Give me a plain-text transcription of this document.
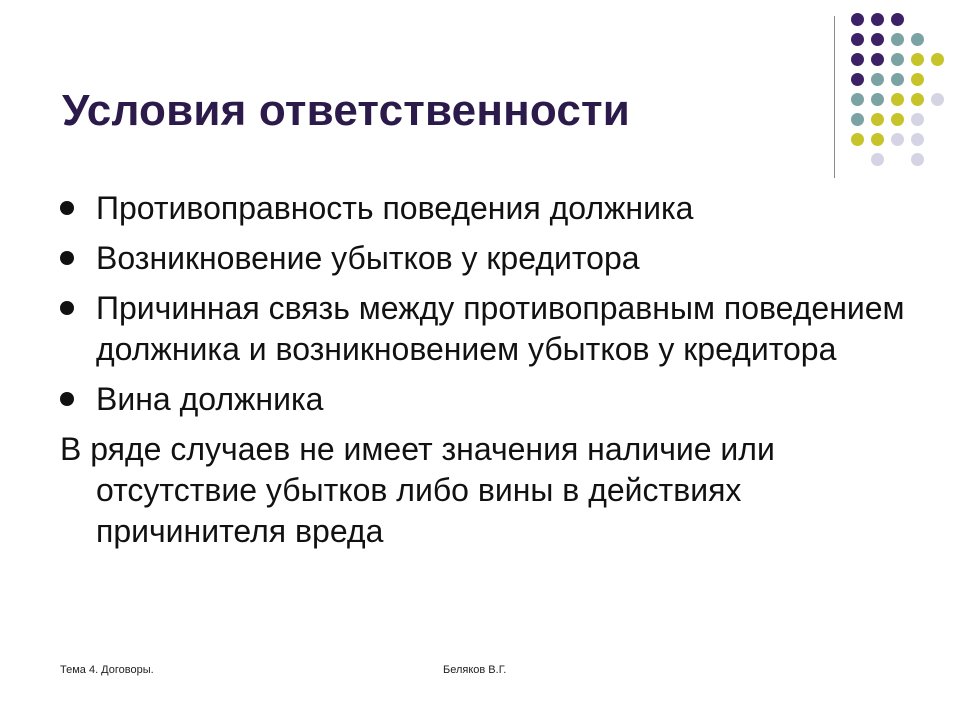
Условия ответственности
Противоправность поведения должника
Возникновение убытков у кредитора
Причинная связь между противоправным поведением должника и возникновением убытков у кредитора
Вина должника
В ряде случаев не имеет значения наличие или отсутствие убытков либо вины в действиях причинителя вреда
Тема 4. Договоры.	Беляков В.Г.
